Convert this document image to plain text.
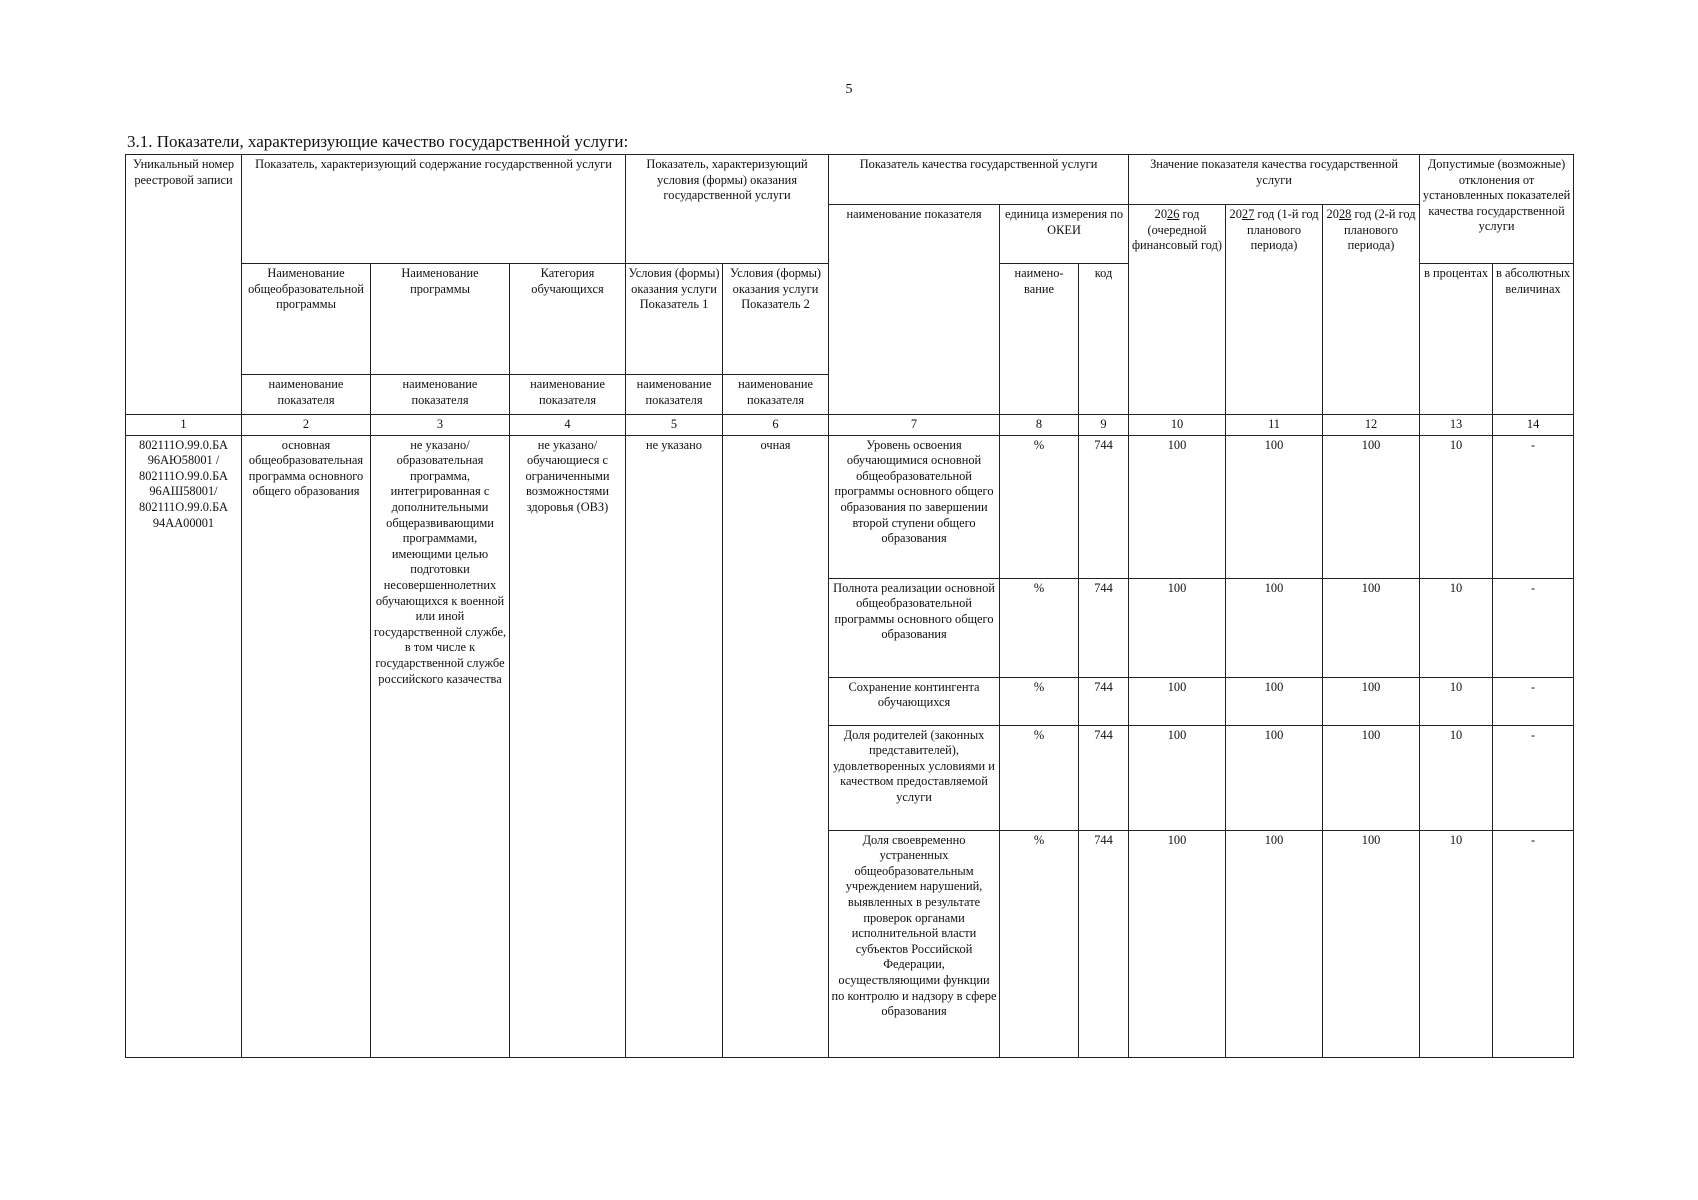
5
3.1. Показатели, характеризующие качество государственной услуги:
Уникальный номер реестровой записи	Показатель, характеризующий содержание государственной услуги			Показатель, характеризующий условия (формы) оказания государственной услуги		Показатель качества государственной услуги			Значение показателя качества государственной услуги			Допустимые (возможные) отклонения от установленных показателей качества государственной услуги	
						наименование показателя	единица измерения по ОКЕИ		2026 год (очередной финансовый год)	2027 год (1-й год планового периода)	2028 год (2-й год планового периода)		
	Наименование общеобразовательной программы	Наименование программы	Категория обучающихся	Условия (формы) оказания услуги Показатель 1	Условия (формы) оказания услуги Показатель 2		наимено-вание	код				в процентах	в абсолютных величинах
	наименование показателя	наименование показателя	наименование показателя	наименование показателя	наименование показателя								
1	2	3	4	5	6	7	8	9	10	11	12	13	14
802111О.99.0.БА 96АЮ58001 / 802111О.99.0.БА 96АШ58001/ 802111О.99.0.БА 94АА00001	основная общеобразовательная программа основного общего образования	не указано/ образовательная программа, интегрированная с дополнительными общеразвивающими программами, имеющими целью подготовки несовершеннолетних обучающихся к военной или иной государственной службе, в том числе к государственной службе российского казачества	не указано/ обучающиеся с ограниченными возможностями здоровья (ОВЗ)	не указано	очная	Уровень освоения обучающимися основной общеобразовательной программы основного общего образования по завершении второй ступени общего образования	%	744	100	100	100	10	-
						Полнота реализации основной общеобразовательной программы основного общего образования	%	744	100	100	100	10	-
						Сохранение контингента обучающихся	%	744	100	100	100	10	-
						Доля родителей (законных представителей), удовлетворенных условиями и качеством предоставляемой услуги	%	744	100	100	100	10	-
						Доля своевременно устраненных общеобразовательным учреждением нарушений, выявленных в результате проверок органами исполнительной власти субъектов Российской Федерации, осуществляющими функции по контролю и надзору в сфере образования	%	744	100	100	100	10	-
